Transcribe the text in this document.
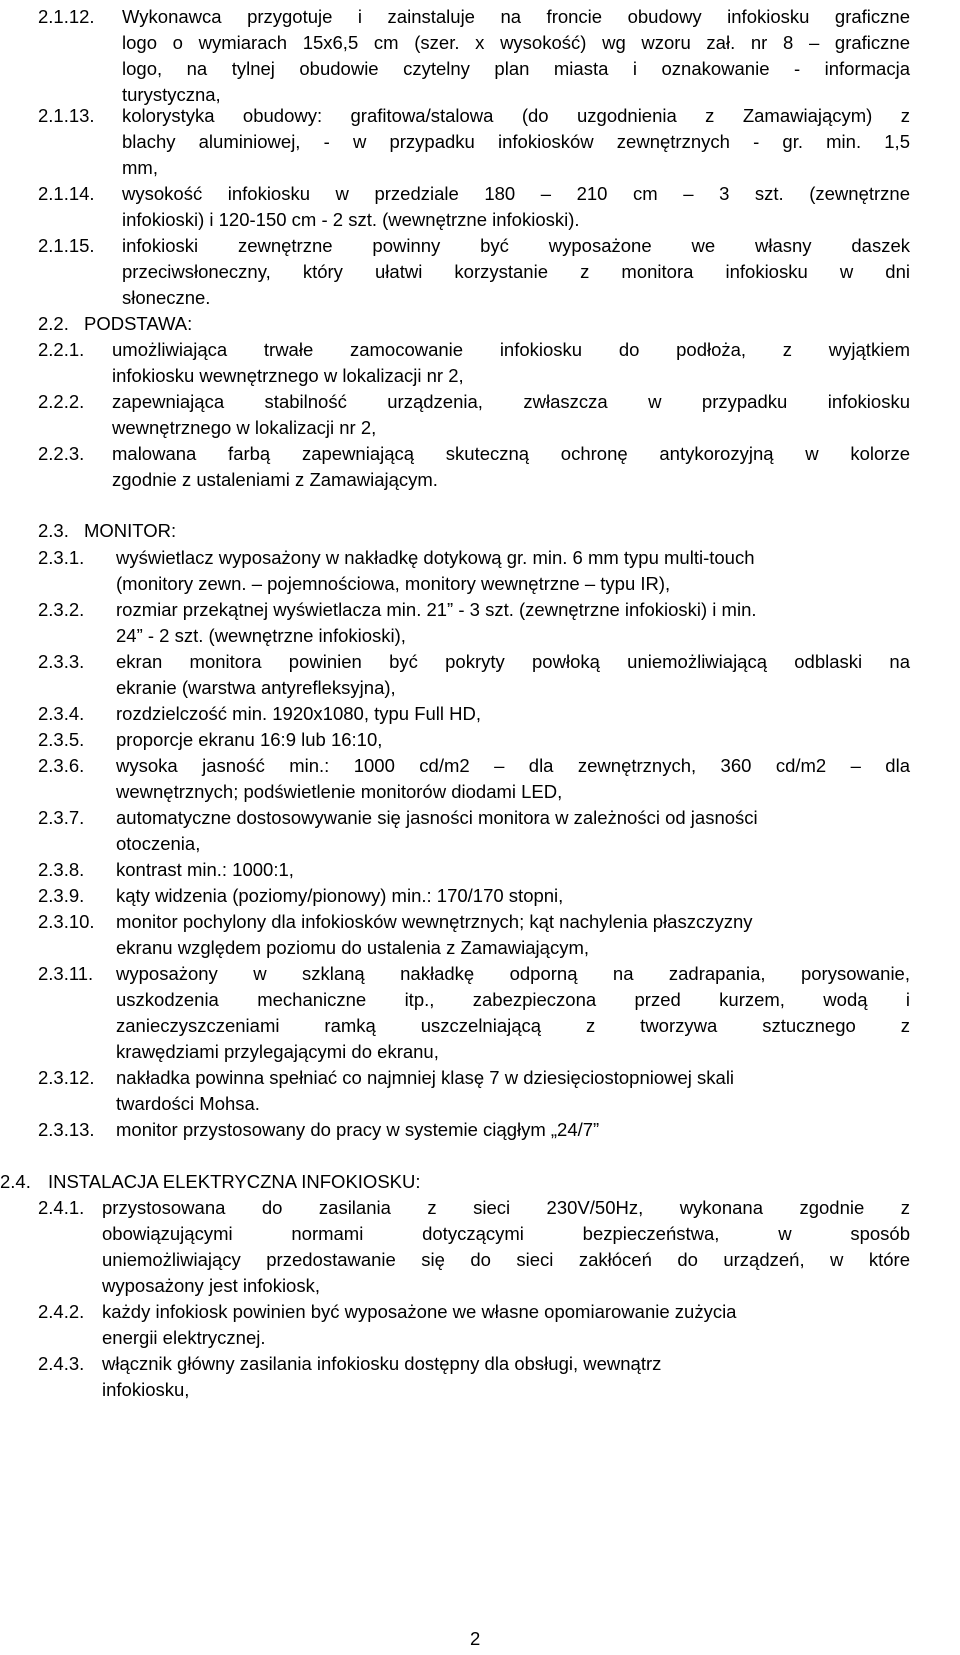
2.1.12.	Wykonawca przygotuje i zainstaluje na froncie obudowy infokiosku graficzne
logo o wymiarach 15x6,5 cm (szer. x wysokość) wg wzoru zał. nr 8 – graficzne
logo, na tylnej obudowie czytelny plan miasta i oznakowanie - informacja
turystyczna,
2.1.13.	kolorystyka obudowy: grafitowa/stalowa (do uzgodnienia z Zamawiającym) z
blachy aluminiowej, - w przypadku infokiosków zewnętrznych - gr. min. 1,5
mm,
2.1.14.	wysokość infokiosku w przedziale 180 – 210 cm – 3 szt. (zewnętrzne
infokioski) i 120-150 cm - 2 szt. (wewnętrzne infokioski).
2.1.15.	infokioski zewnętrzne powinny być wyposażone we własny daszek
przeciwsłoneczny, który ułatwi korzystanie z monitora infokiosku w dni
słoneczne.
2.2. PODSTAWA:
2.2.1.	umożliwiająca trwałe zamocowanie infokiosku do podłoża, z wyjątkiem
infokiosku wewnętrznego w lokalizacji nr 2,
2.2.2.	zapewniająca stabilność urządzenia, zwłaszcza w przypadku infokiosku
wewnętrznego w lokalizacji nr 2,
2.2.3.	malowana farbą zapewniającą skuteczną ochronę antykorozyjną w kolorze
zgodnie z ustaleniami z Zamawiającym.
2.3. MONITOR:
2.3.1.	wyświetlacz wyposażony w nakładkę dotykową gr. min. 6 mm typu multi-touch
(monitory zewn. – pojemnościowa, monitory wewnętrzne – typu IR),
2.3.2.	rozmiar przekątnej wyświetlacza min. 21” - 3 szt. (zewnętrzne infokioski) i min.
24” - 2 szt. (wewnętrzne infokioski),
2.3.3.	ekran monitora powinien być pokryty powłoką uniemożliwiającą odblaski na
ekranie (warstwa antyrefleksyjna),
2.3.4.	rozdzielczość min. 1920x1080, typu Full HD,
2.3.5.	proporcje ekranu 16:9 lub 16:10,
2.3.6.	wysoka jasność min.: 1000 cd/m2 – dla zewnętrznych, 360 cd/m2 – dla
wewnętrznych; podświetlenie monitorów diodami LED,
2.3.7.	automatyczne dostosowywanie się jasności monitora w zależności od jasności
otoczenia,
2.3.8.	kontrast min.: 1000:1,
2.3.9.	kąty widzenia (poziomy/pionowy) min.: 170/170 stopni,
2.3.10.	monitor pochylony dla infokiosków wewnętrznych; kąt nachylenia płaszczyzny
ekranu względem poziomu do ustalenia z Zamawiającym,
2.3.11.	wyposażony w szklaną nakładkę odporną na zadrapania, porysowanie,
uszkodzenia mechaniczne itp., zabezpieczona przed kurzem, wodą i
zanieczyszczeniami ramką uszczelniającą z tworzywa sztucznego z
krawędziami przylegającymi do ekranu,
2.3.12.	nakładka powinna spełniać co najmniej klasę 7 w dziesięciostopniowej skali
twardości Mohsa.
2.3.13.	monitor przystosowany do pracy w systemie ciągłym „24/7”
2.4. INSTALACJA ELEKTRYCZNA INFOKIOSKU:
2.4.1. przystosowana do zasilania z sieci 230V/50Hz, wykonana zgodnie z
obowiązującymi normami dotyczącymi bezpieczeństwa, w sposób
uniemożliwiający przedostawanie się do sieci zakłóceń do urządzeń, w które
wyposażony jest infokiosk,
2.4.2. każdy infokiosk powinien być wyposażone we własne opomiarowanie zużycia
energii elektrycznej.
2.4.3. włącznik główny zasilania infokiosku dostępny dla obsługi, wewnątrz
infokiosku,
2
